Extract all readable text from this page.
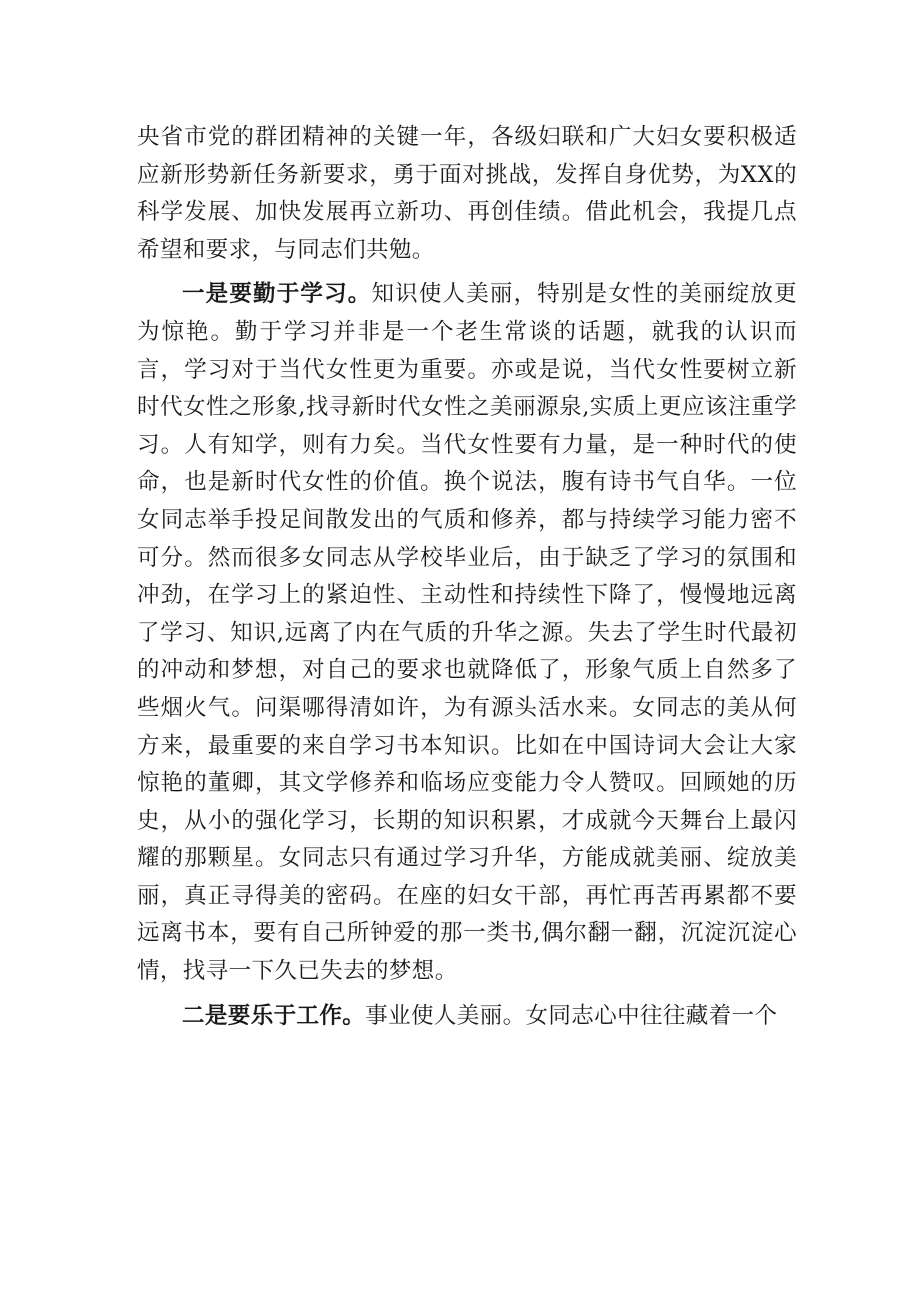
央省市党的群团精神的关键一年，各级妇联和广大妇女要积极适应新形势新任务新要求，勇于面对挑战，发挥自身优势，为XX的科学发展、加快发展再立新功、再创佳绩。借此机会，我提几点希望和要求，与同志们共勉。

一是要勤于学习。知识使人美丽，特别是女性的美丽绽放更为惊艳。勤于学习并非是一个老生常谈的话题，就我的认识而言，学习对于当代女性更为重要。亦或是说，当代女性要树立新时代女性之形象,找寻新时代女性之美丽源泉,实质上更应该注重学习。人有知学，则有力矣。当代女性要有力量，是一种时代的使命，也是新时代女性的价值。换个说法，腹有诗书气自华。一位女同志举手投足间散发出的气质和修养，都与持续学习能力密不可分。然而很多女同志从学校毕业后，由于缺乏了学习的氛围和冲劲，在学习上的紧迫性、主动性和持续性下降了，慢慢地远离了学习、知识,远离了内在气质的升华之源。失去了学生时代最初的冲动和梦想，对自己的要求也就降低了，形象气质上自然多了些烟火气。问渠哪得清如许，为有源头活水来。女同志的美从何方来，最重要的来自学习书本知识。比如在中国诗词大会让大家惊艳的董卿，其文学修养和临场应变能力令人赞叹。回顾她的历史，从小的强化学习，长期的知识积累，才成就今天舞台上最闪耀的那颗星。女同志只有通过学习升华，方能成就美丽、绽放美丽，真正寻得美的密码。在座的妇女干部，再忙再苦再累都不要远离书本，要有自己所钟爱的那一类书,偶尔翻一翻，沉淀沉淀心情，找寻一下久已失去的梦想。

二是要乐于工作。事业使人美丽。女同志心中往往藏着一个
